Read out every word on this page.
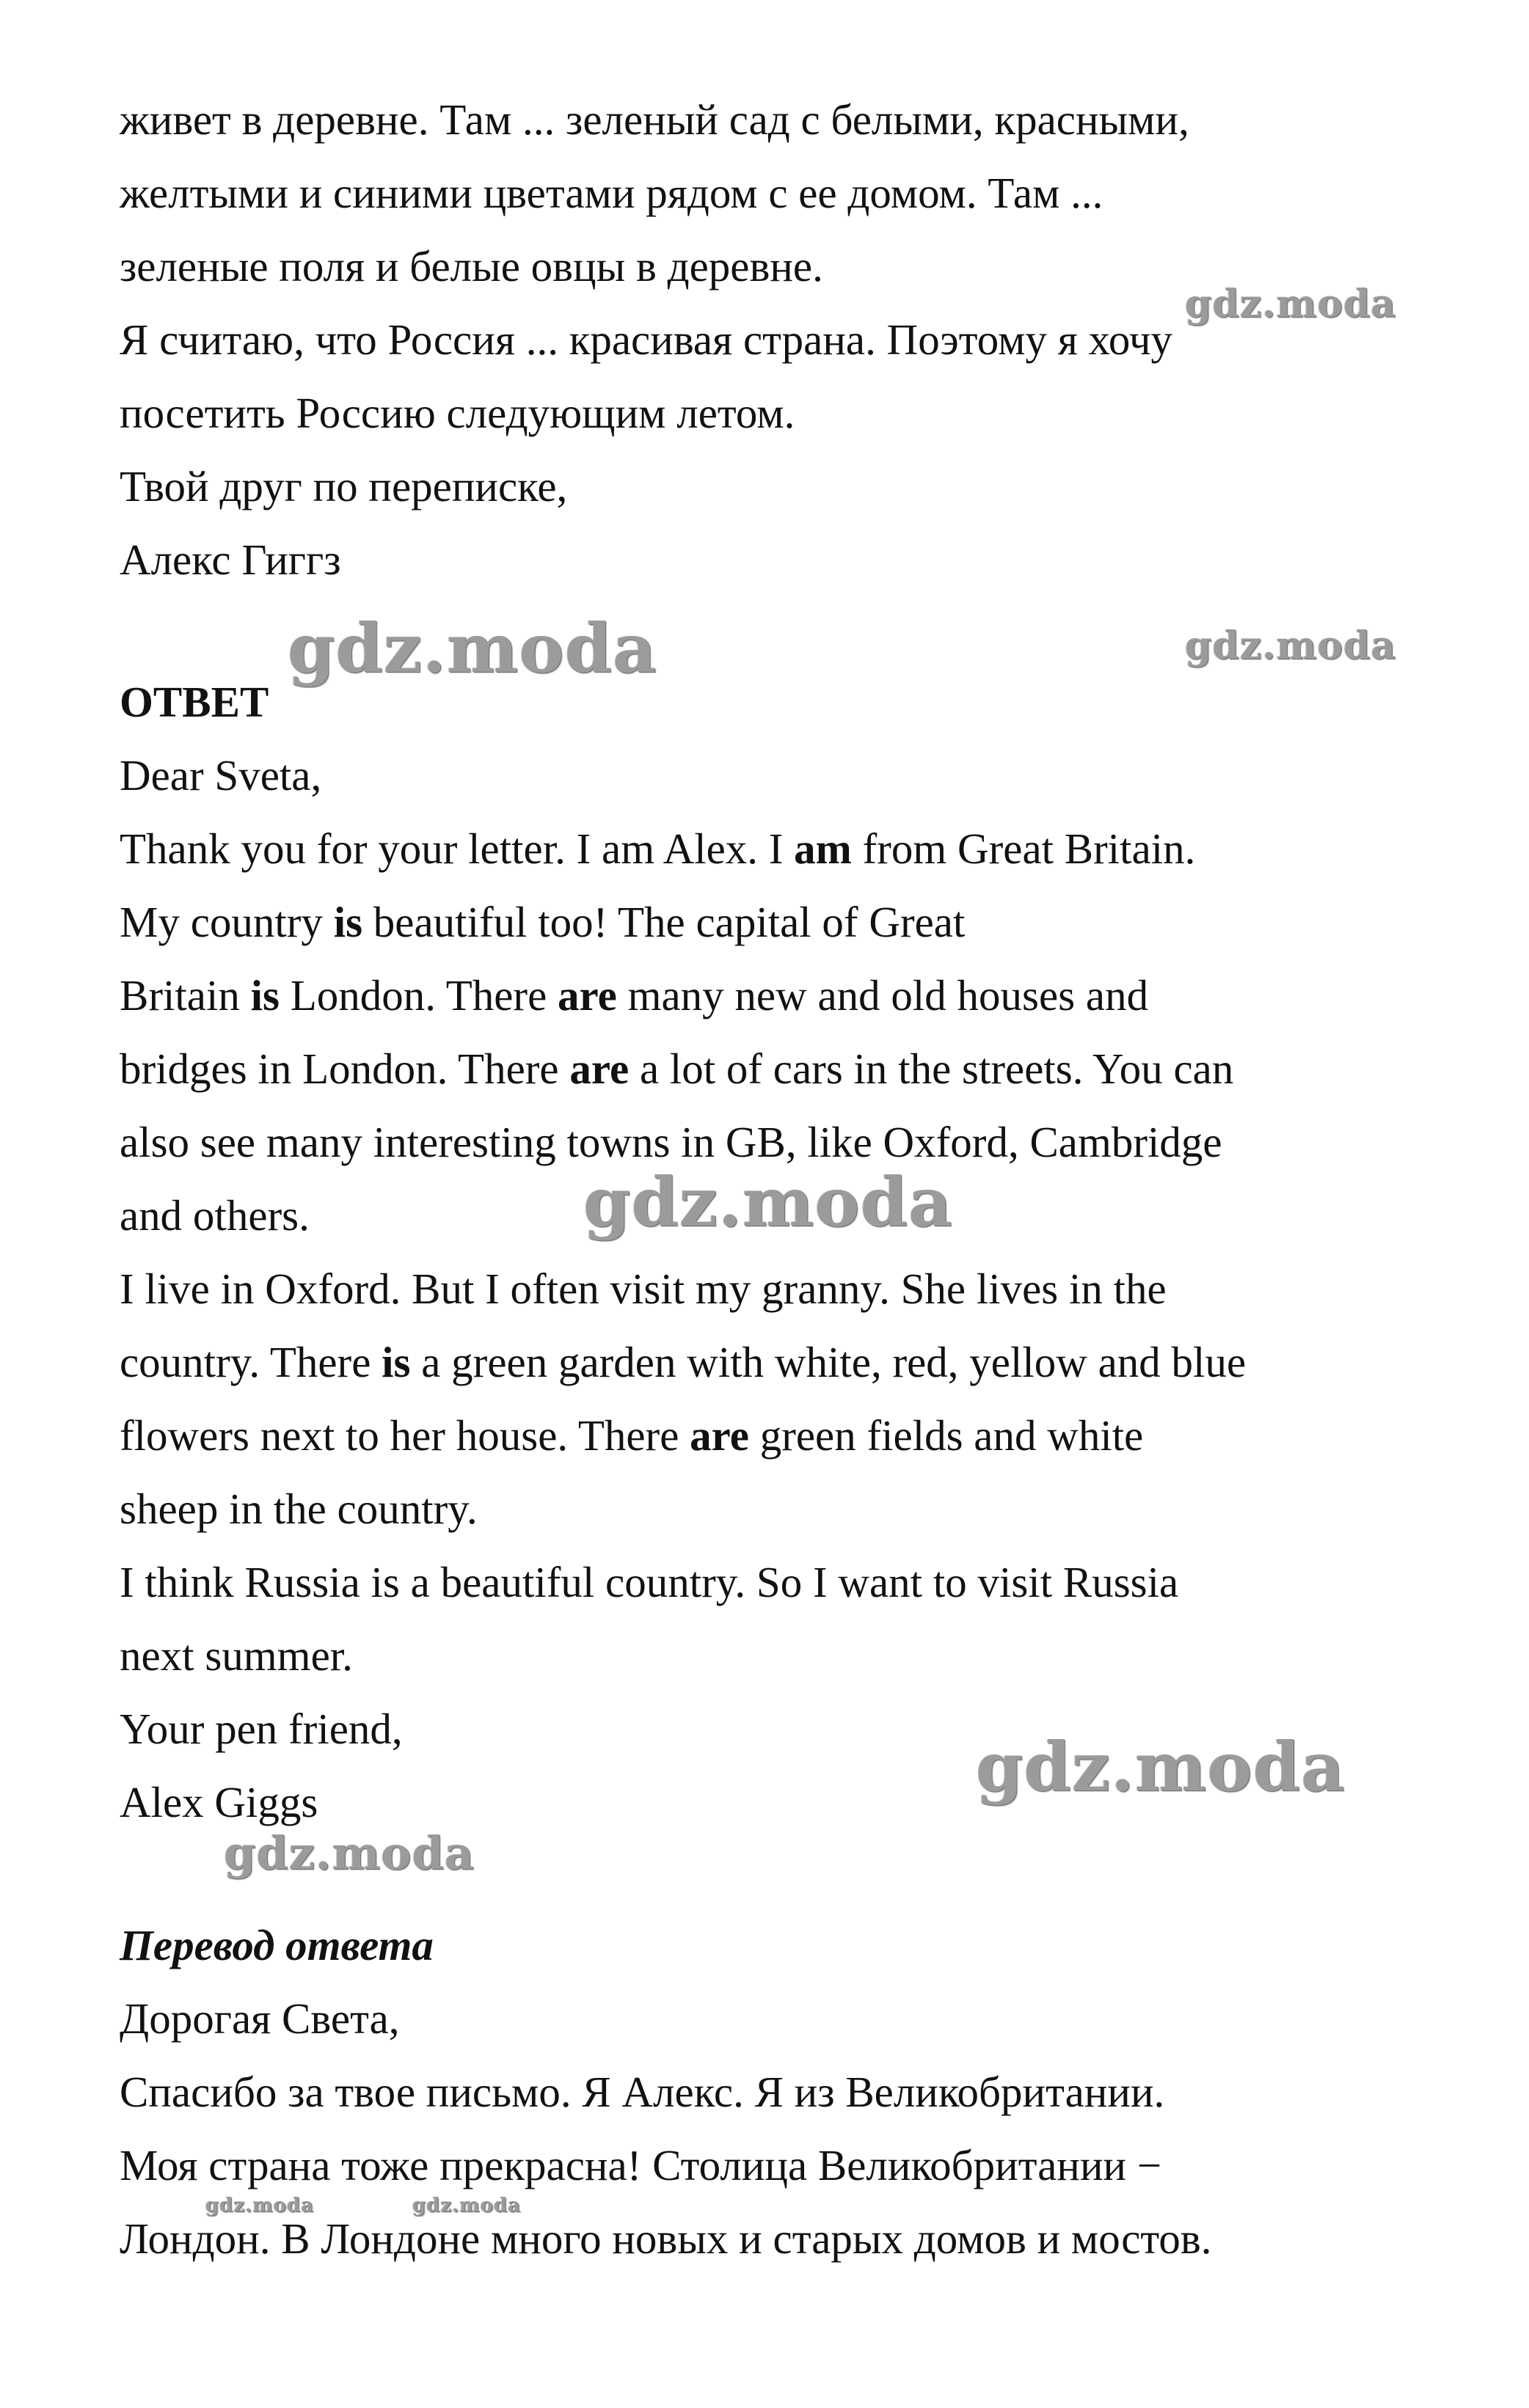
живет в деревне. Там ... зеленый сад с белыми, красными,
желтыми и синими цветами рядом с ее домом. Там ...
зеленые поля и белые овцы в деревне.
Я считаю, что Россия ... красивая страна. Поэтому я хочу
посетить Россию следующим летом.
Твой друг по переписке,
Алекс Гиггз
ОТВЕТ
Dear Sveta,
Thank you for your letter. I am Alex. I am from Great Britain.
My country is beautiful too! The capital of Great
Britain is London. There are many new and old houses and
bridges in London. There are a lot of cars in the streets. You can
also see many interesting towns in GB, like Oxford, Cambridge
and others.
I live in Oxford. But I often visit my granny. She lives in the
country. There is a green garden with white, red, yellow and blue
flowers next to her house. There are green fields and white
sheep in the country.
I think Russia is a beautiful country. So I want to visit Russia
next summer.
Your pen friend,
Alex Giggs
Перевод ответа
Дорогая Света,
Спасибо за твое письмо. Я Алекс. Я из Великобритании.
Моя страна тоже прекрасна! Столица Великобритании −
Лондон. В Лондоне много новых и старых домов и мостов.
gdz.moda
gdz.moda	gdz.moda
gdz.moda
gdz.moda
gdz.moda
gdz.moda	gdz.moda
